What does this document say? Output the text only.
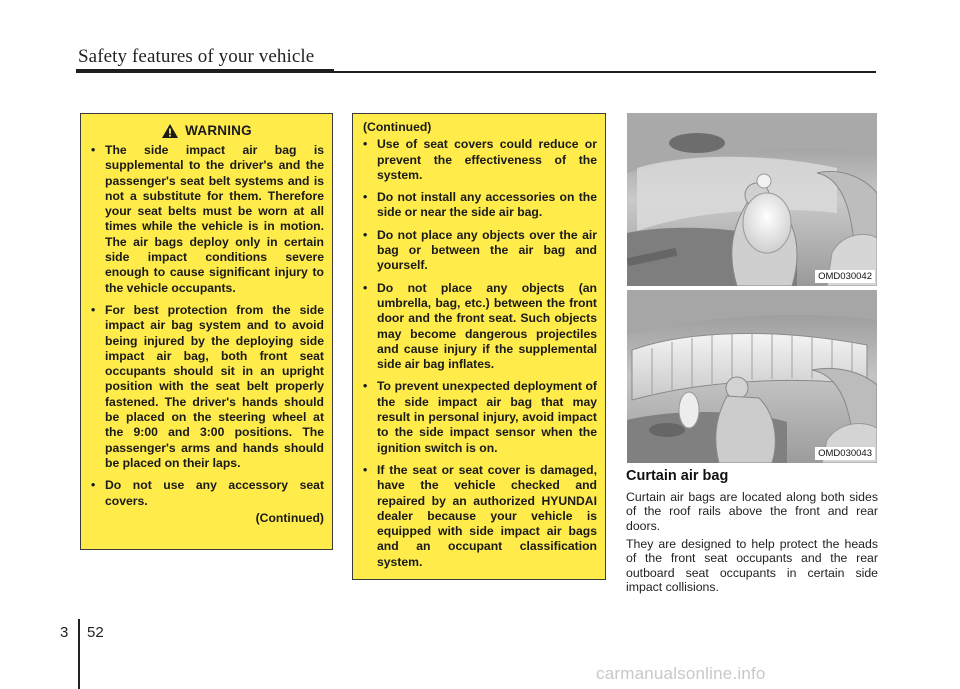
Safety features of your vehicle
WARNING
• The side impact air bag is supplemental to the driver's and the passenger's seat belt systems and is not a substitute for them. Therefore your seat belts must be worn at all times while the vehicle is in motion. The air bags deploy only in certain side impact conditions severe enough to cause significant injury to the vehicle occupants.
• For best protection from the side impact air bag system and to avoid being injured by the deploying side impact air bag, both front seat occupants should sit in an upright position with the seat belt properly fastened. The driver's hands should be placed on the steering wheel at the 9:00 and 3:00 positions. The passenger's arms and hands should be placed on their laps.
• Do not use any accessory seat covers.
(Continued)
(Continued)
• Use of seat covers could reduce or prevent the effectiveness of the system.
• Do not install any accessories on the side or near the side air bag.
• Do not place any objects over the air bag or between the air bag and yourself.
• Do not place any objects (an umbrella, bag, etc.) between the front door and the front seat. Such objects may become dangerous projectiles and cause injury if the supplemental side air bag inflates.
• To prevent unexpected deployment of the side impact air bag that may result in personal injury, avoid impact to the side impact sensor when the ignition switch is on.
• If the seat or seat cover is damaged, have the vehicle checked and repaired by an authorized HYUNDAI dealer because your vehicle is equipped with side impact air bags and an occupant classification system.
OMD030042
OMD030043
Curtain air bag
Curtain air bags are located along both sides of the roof rails above the front and rear doors.
They are designed to help protect the heads of the front seat occupants and the rear outboard seat occupants in certain side impact collisions.
3 52
carmanualsonline.info
